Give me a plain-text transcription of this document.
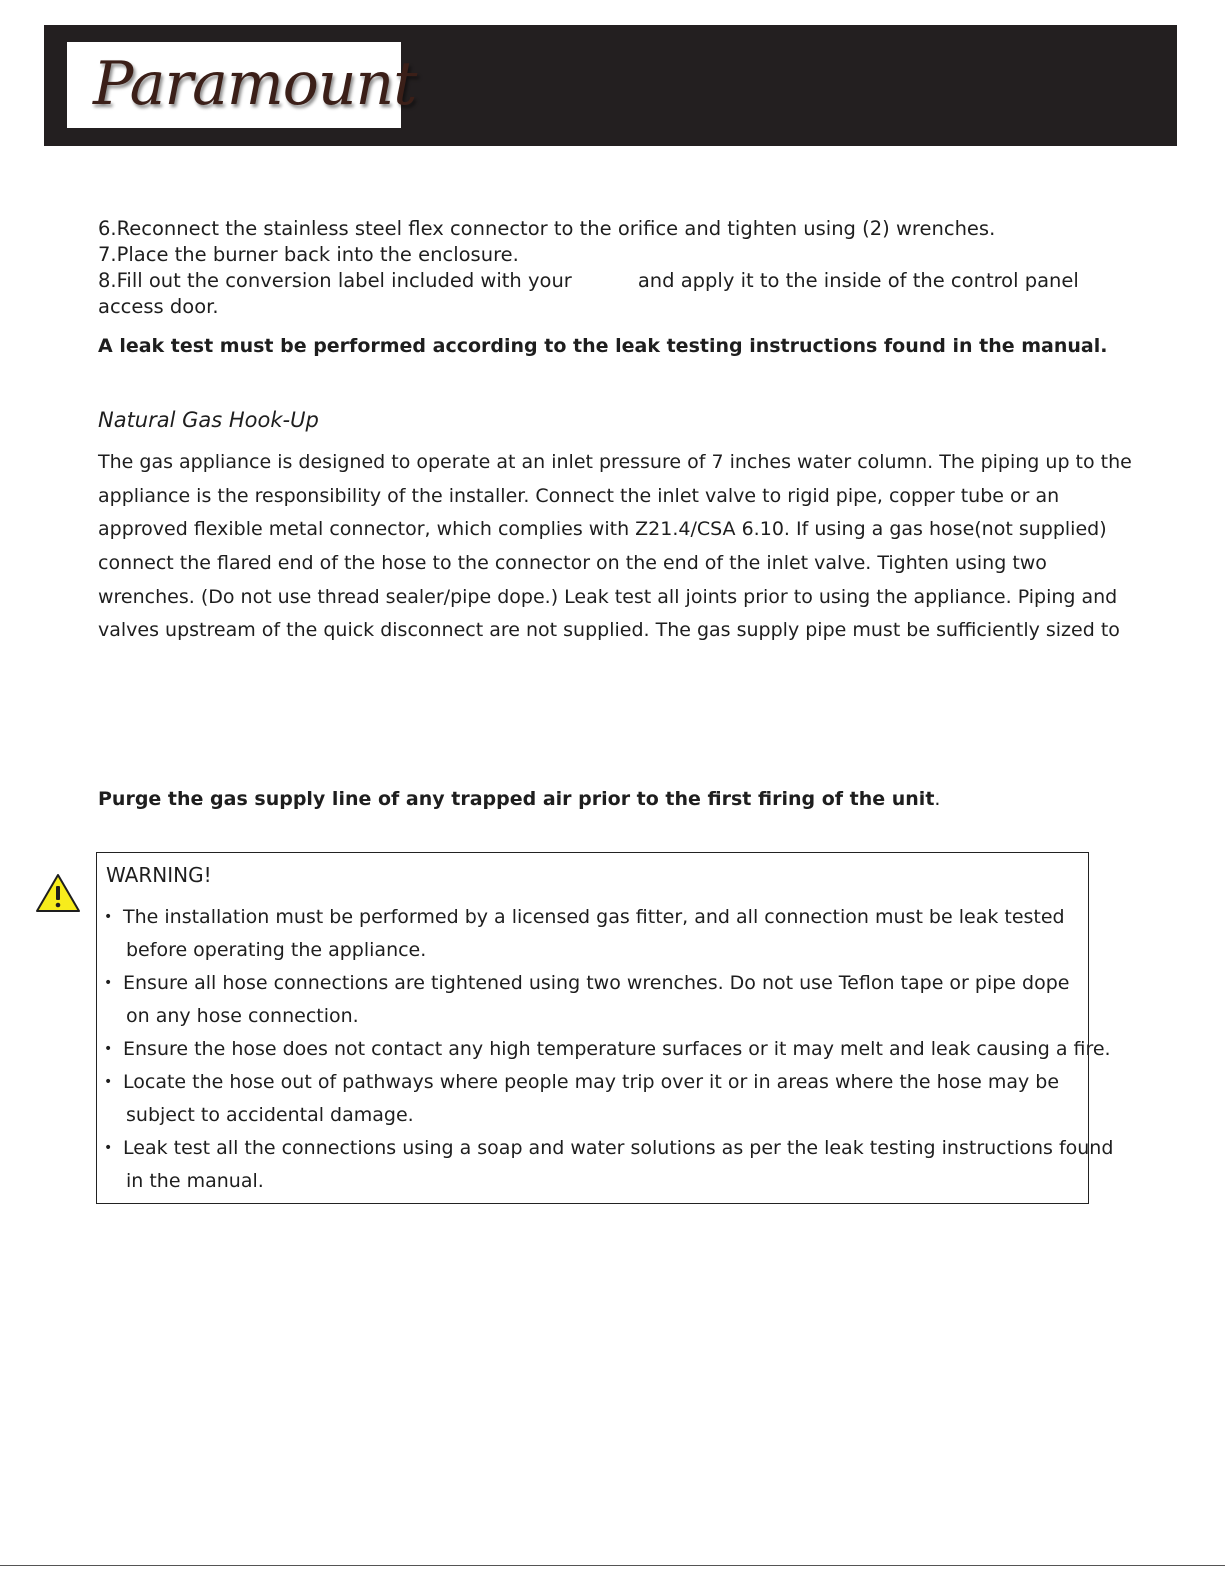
Paramount
6.Reconnect the stainless steel flex connector to the orifice and tighten using (2) wrenches.
7.Place the burner back into the enclosure.
8.Fill out the conversion label included with your	and apply it to the inside of the control panel
access door.
A leak test must be performed according to the leak testing instructions found in the manual.
Natural Gas Hook-Up
The gas appliance is designed to operate at an inlet pressure of 7 inches water column. The piping up to the
appliance is the responsibility of the installer. Connect the inlet valve to rigid pipe, copper tube or an
approved flexible metal connector, which complies with Z21.4/CSA 6.10. If using a gas hose(not supplied)
connect the flared end of the hose to the connector on the end of the inlet valve. Tighten using two
wrenches. (Do not use thread sealer/pipe dope.) Leak test all joints prior to using the appliance. Piping and
valves upstream of the quick disconnect are not supplied. The gas supply pipe must be sufficiently sized to
Purge the gas supply line of any trapped air prior to the first firing of the unit.
WARNING!
• The installation must be performed by a licensed gas fitter, and all connection must be leak tested
before operating the appliance.
• Ensure all hose connections are tightened using two wrenches. Do not use Teflon tape or pipe dope
on any hose connection.
• Ensure the hose does not contact any high temperature surfaces or it may melt and leak causing a fire.
• Locate the hose out of pathways where people may trip over it or in areas where the hose may be
subject to accidental damage.
• Leak test all the connections using a soap and water solutions as per the leak testing instructions found
in the manual.
